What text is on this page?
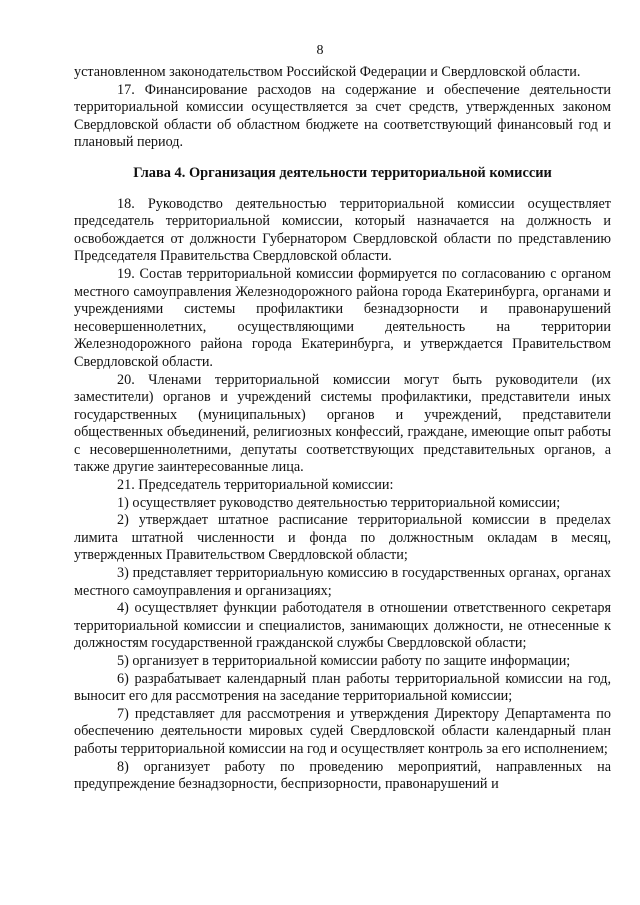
8

установленном законодательством Российской Федерации и Свердловской области.

17. Финансирование расходов на содержание и обеспечение деятельности территориальной комиссии осуществляется за счет средств, утвержденных законом Свердловской области об областном бюджете на соответствующий финансовый год и плановый период.

Глава 4. Организация деятельности территориальной комиссии

18. Руководство деятельностью территориальной комиссии осуществляет председатель территориальной комиссии, который назначается на должность и освобождается от должности Губернатором Свердловской области по представлению Председателя Правительства Свердловской области.

19. Состав территориальной комиссии формируется по согласованию с органом местного самоуправления Железнодорожного района города Екатеринбурга, органами и учреждениями системы профилактики безнадзорности и правонарушений несовершеннолетних, осуществляющими деятельность на территории Железнодорожного района города Екатеринбурга, и утверждается Правительством Свердловской области.

20. Членами территориальной комиссии могут быть руководители (их заместители) органов и учреждений системы профилактики, представители иных государственных (муниципальных) органов и учреждений, представители общественных объединений, религиозных конфессий, граждане, имеющие опыт работы с несовершеннолетними, депутаты соответствующих представительных органов, а также другие заинтересованные лица.

21. Председатель территориальной комиссии:

1) осуществляет руководство деятельностью территориальной комиссии;

2) утверждает штатное расписание территориальной комиссии в пределах лимита штатной численности и фонда по должностным окладам в месяц, утвержденных Правительством Свердловской области;

3) представляет территориальную комиссию в государственных органах, органах местного самоуправления и организациях;

4) осуществляет функции работодателя в отношении ответственного секретаря территориальной комиссии и специалистов, занимающих должности, не отнесенные к должностям государственной гражданской службы Свердловской области;

5) организует в территориальной комиссии работу по защите информации;

6) разрабатывает календарный план работы территориальной комиссии на год, выносит его для рассмотрения на заседание территориальной комиссии;

7) представляет для рассмотрения и утверждения Директору Департамента по обеспечению деятельности мировых судей Свердловской области календарный план работы территориальной комиссии на год и осуществляет контроль за его исполнением;

8) организует работу по проведению мероприятий, направленных на предупреждение безнадзорности, беспризорности, правонарушений и
